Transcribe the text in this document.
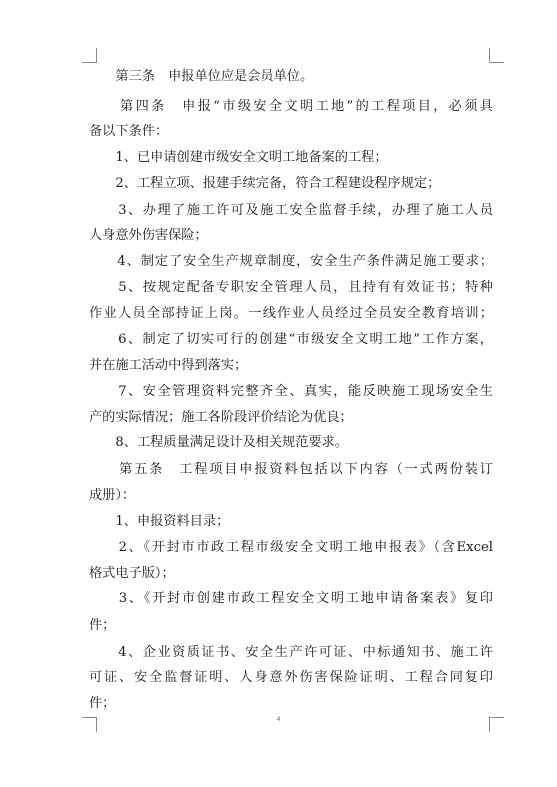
　　第三条　申报单位应是会员单位。
　　第四条　申报“市级安全文明工地”的工程项目，必须具
备以下条件：
　　1、已申请创建市级安全文明工地备案的工程；
　　2、工程立项、报建手续完备，符合工程建设程序规定；
　　3、办理了施工许可及施工安全监督手续，办理了施工人员
人身意外伤害保险；
　　4、制定了安全生产规章制度，安全生产条件满足施工要求；
　　5、按规定配备专职安全管理人员，且持有有效证书；特种
作业人员全部持证上岗。一线作业人员经过全员安全教育培训；
　　6、制定了切实可行的创建“市级安全文明工地”工作方案，
并在施工活动中得到落实；
　　7、安全管理资料完整齐全、真实，能反映施工现场安全生
产的实际情况；施工各阶段评价结论为优良；
　　8、工程质量满足设计及相关规范要求。
　　第五条　工程项目申报资料包括以下内容（一式两份装订
成册）：
　　1、申报资料目录；
　　2、《开封市市政工程市级安全文明工地申报表》（含Excel
格式电子版）；
　　3、《开封市创建市政工程安全文明工地申请备案表》复印
件；
　　4、企业资质证书、安全生产许可证、中标通知书、施工许
可证、安全监督证明、人身意外伤害保险证明、工程合同复印
件；
4
